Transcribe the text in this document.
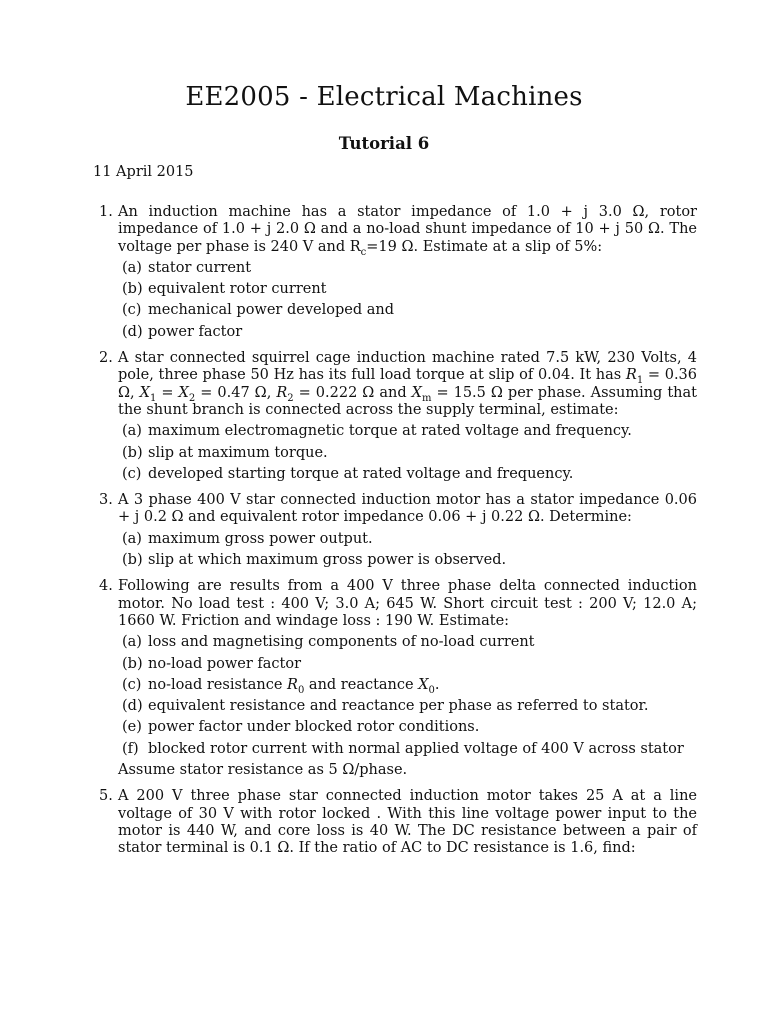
EE2005 - Electrical Machines
Tutorial 6
11 April 2015
1. An induction machine has a stator impedance of 1.0 + j 3.0 Ω, rotor impedance of 1.0 + j 2.0 Ω and a no-load shunt impedance of 10 + j 50 Ω. The voltage per phase is 240 V and $R_c=19$ Ω. Estimate at a slip of 5%:
(a) stator current
(b) equivalent rotor current
(c) mechanical power developed and
(d) power factor
2. A star connected squirrel cage induction machine rated 7.5 kW, 230 Volts, 4 pole, three phase 50 Hz has its full load torque at slip of 0.04. It has $R_1 = 0.36$ Ω, $X_1 = X_2 = 0.47$ Ω, $R_2 = 0.222$ Ω and $X_m = 15.5$ Ω per phase. Assuming that the shunt branch is connected across the supply terminal, estimate:
(a) maximum electromagnetic torque at rated voltage and frequency.
(b) slip at maximum torque.
(c) developed starting torque at rated voltage and frequency.
3. A 3 phase 400 V star connected induction motor has a stator impedance 0.06 + j 0.2 Ω and equivalent rotor impedance 0.06 + j 0.22 Ω. Determine:
(a) maximum gross power output.
(b) slip at which maximum gross power is observed.
4. Following are results from a 400 V three phase delta connected induction motor. No load test : 400 V; 3.0 A; 645 W. Short circuit test : 200 V; 12.0 A; 1660 W. Friction and windage loss : 190 W. Estimate:
(a) loss and magnetising components of no-load current
(b) no-load power factor
(c) no-load resistance $R_0$ and reactance $X_0$.
(d) equivalent resistance and reactance per phase as referred to stator.
(e) power factor under blocked rotor conditions.
(f) blocked rotor current with normal applied voltage of 400 V across stator
Assume stator resistance as 5 Ω/phase.
5. A 200 V three phase star connected induction motor takes 25 A at a line voltage of 30 V with rotor locked . With this line voltage power input to the motor is 440 W, and core loss is 40 W. The DC resistance between a pair of stator terminal is 0.1 Ω. If the ratio of AC to DC resistance is 1.6, find:
